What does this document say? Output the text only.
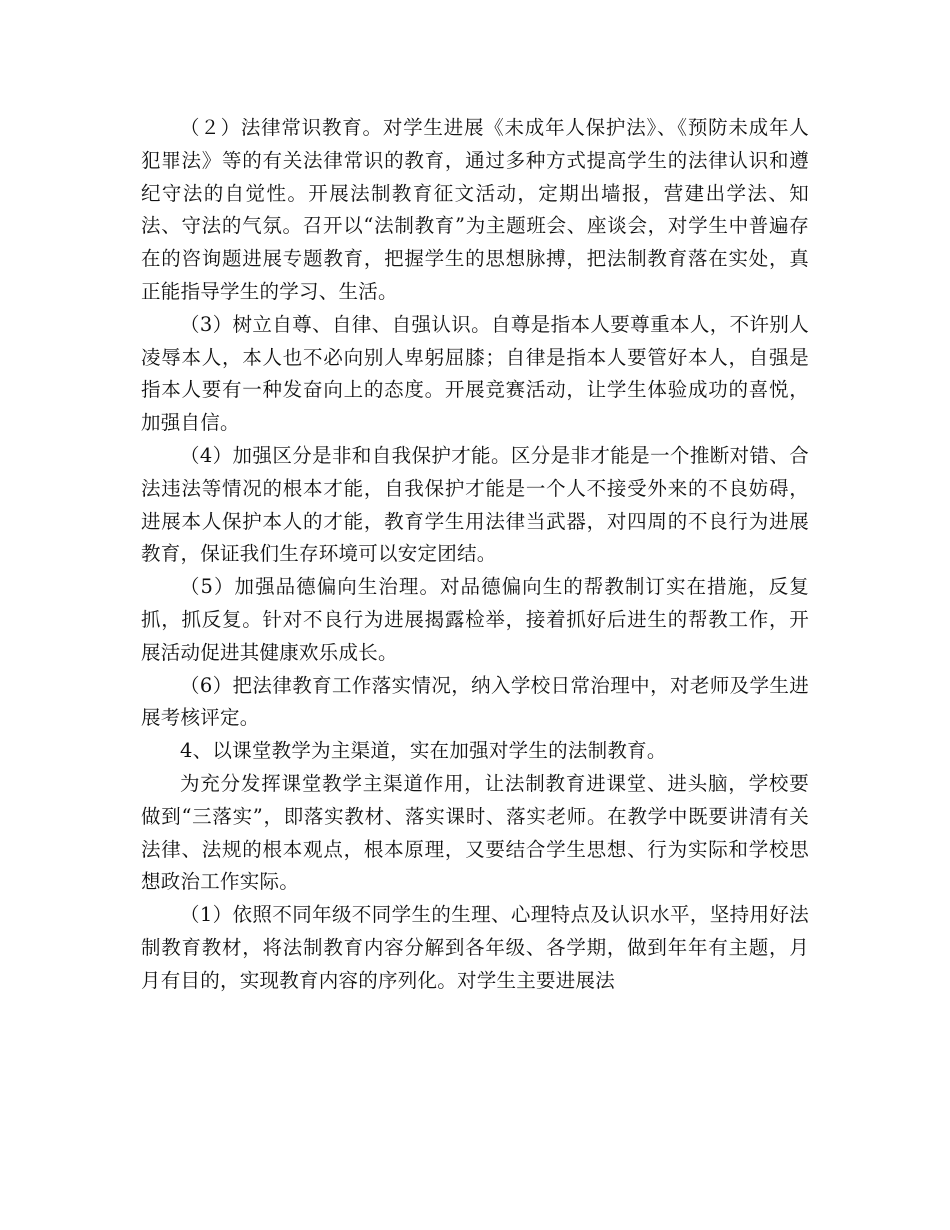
（２）法律常识教育。对学生进展《未成年人保护法》、《预防未成年人犯罪法》等的有关法律常识的教育，通过多种方式提高学生的法律认识和遵纪守法的自觉性。开展法制教育征文活动，定期出墙报，营建出学法、知法、守法的气氛。召开以“法制教育”为主题班会、座谈会，对学生中普遍存在的咨询题进展专题教育，把握学生的思想脉搏，把法制教育落在实处，真正能指导学生的学习、生活。

（3）树立自尊、自律、自强认识。自尊是指本人要尊重本人，不许别人凌辱本人，本人也不必向别人卑躬屈膝；自律是指本人要管好本人，自强是指本人要有一种发奋向上的态度。开展竞赛活动，让学生体验成功的喜悦，加强自信。

（4）加强区分是非和自我保护才能。区分是非才能是一个推断对错、合法违法等情况的根本才能，自我保护才能是一个人不接受外来的不良妨碍，进展本人保护本人的才能，教育学生用法律当武器，对四周的不良行为进展教育，保证我们生存环境可以安定团结。

（5）加强品德偏向生治理。对品德偏向生的帮教制订实在措施，反复抓，抓反复。针对不良行为进展揭露检举，接着抓好后进生的帮教工作，开展活动促进其健康欢乐成长。

（6）把法律教育工作落实情况，纳入学校日常治理中，对老师及学生进展考核评定。

4、以课堂教学为主渠道，实在加强对学生的法制教育。

为充分发挥课堂教学主渠道作用，让法制教育进课堂、进头脑，学校要做到“三落实”，即落实教材、落实课时、落实老师。在教学中既要讲清有关法律、法规的根本观点，根本原理，又要结合学生思想、行为实际和学校思想政治工作实际。

（1）依照不同年级不同学生的生理、心理特点及认识水平，坚持用好法制教育教材，将法制教育内容分解到各年级、各学期，做到年年有主题，月月有目的，实现教育内容的序列化。对学生主要进展法
